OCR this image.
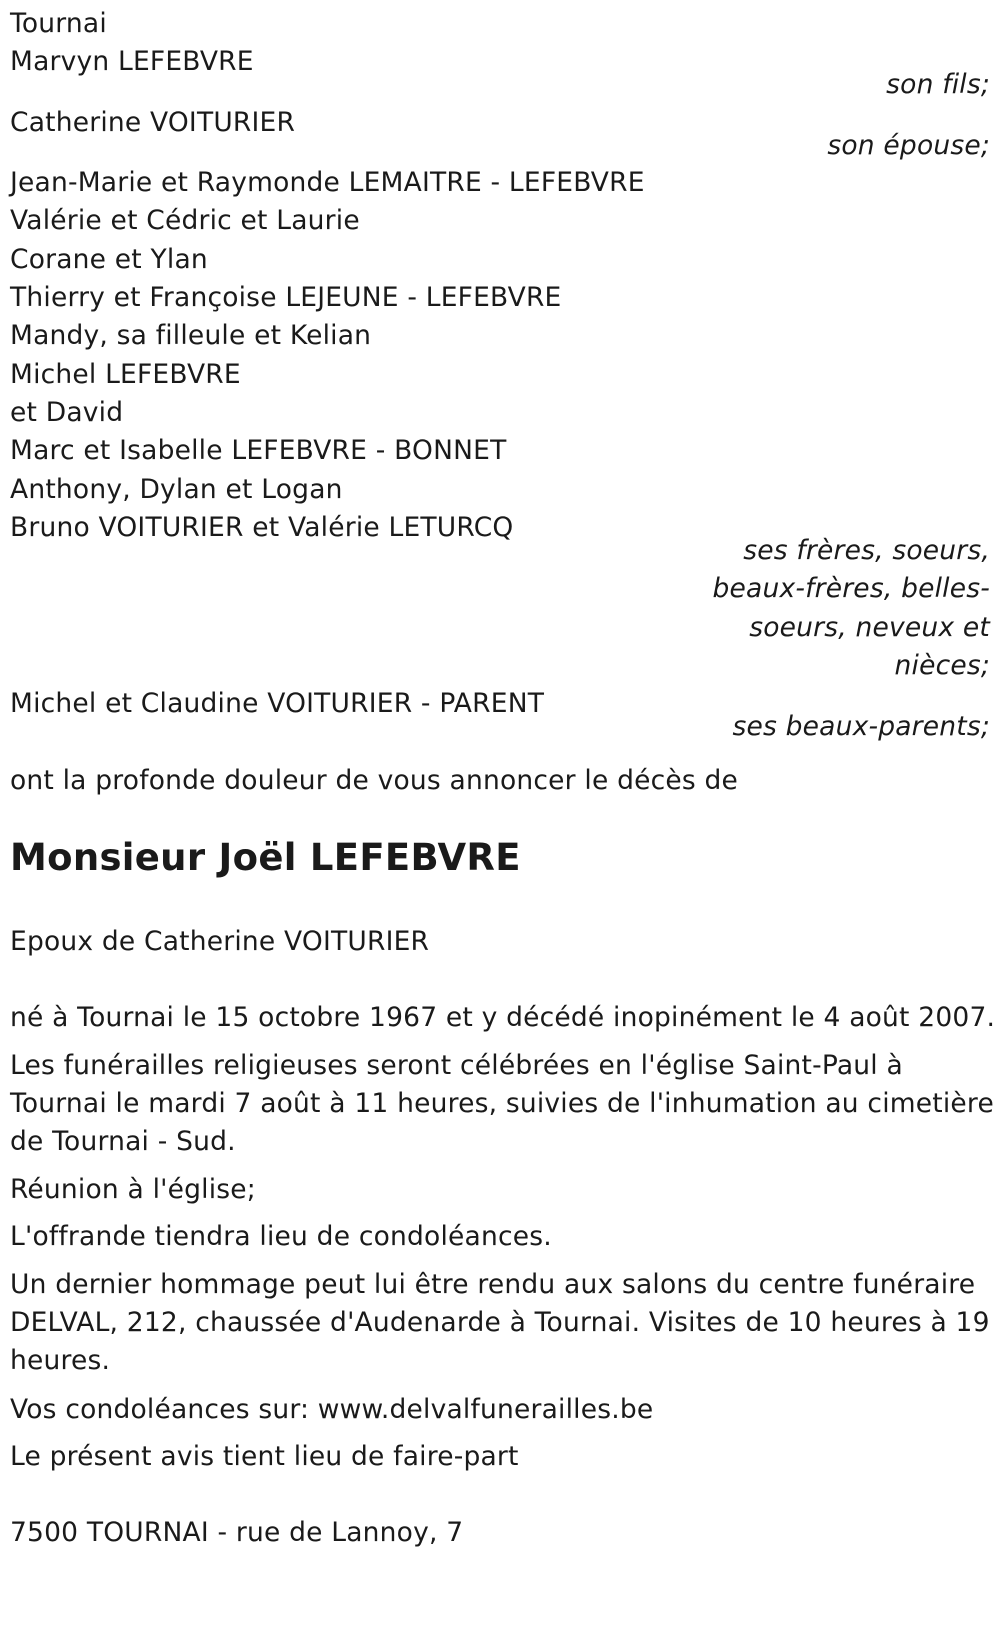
Tournai
Marvyn LEFEBVRE
son fils;
Catherine VOITURIER
son épouse;
Jean-Marie et Raymonde LEMAITRE - LEFEBVRE
Valérie et Cédric et Laurie
Corane et Ylan
Thierry et Françoise LEJEUNE - LEFEBVRE
Mandy, sa filleule et Kelian
Michel LEFEBVRE
et David
Marc et Isabelle LEFEBVRE - BONNET
Anthony, Dylan et Logan
Bruno VOITURIER et Valérie LETURCQ
ses frères, soeurs,
beaux-frères, belles-
soeurs, neveux et
nièces;
Michel et Claudine VOITURIER - PARENT
ses beaux-parents;
ont la profonde douleur de vous annoncer le décès de
Monsieur Joël LEFEBVRE
Epoux de Catherine VOITURIER
né à Tournai le 15 octobre 1967 et y décédé inopinément le 4 août 2007.
Les funérailles religieuses seront célébrées en l'église Saint-Paul à
Tournai le mardi 7 août à 11 heures, suivies de l'inhumation au cimetière
de Tournai - Sud.
Réunion à l'église;
L'offrande tiendra lieu de condoléances.
Un dernier hommage peut lui être rendu aux salons du centre funéraire
DELVAL, 212, chaussée d'Audenarde à Tournai. Visites de 10 heures à 19
heures.
Vos condoléances sur: www.delvalfunerailles.be
Le présent avis tient lieu de faire-part
7500 TOURNAI - rue de Lannoy, 7
